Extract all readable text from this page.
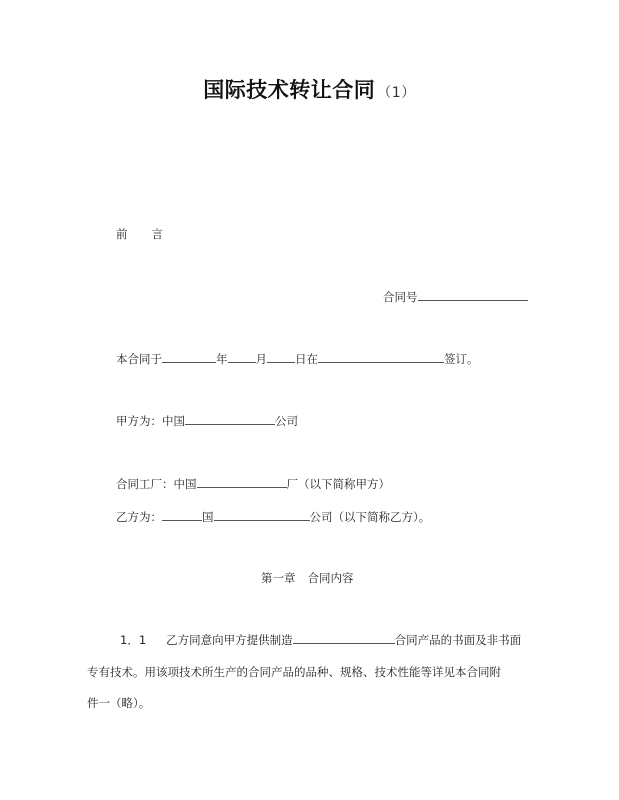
国际技术转让合同 （1）
前 言
合同号
本合同于	年 月 日在	签订。
甲方为：中国	公司
合同工厂：中国	厂（以下简称甲方）
乙方为：	国	公司（以下简称乙方）。
第一章 合同内容
1．1 乙方同意向甲方提供制造	合同产品的书面及非书面
专有技术。用该项技术所生产的合同产品的品种、规格、技术性能等详见本合同附
件一（略）。
